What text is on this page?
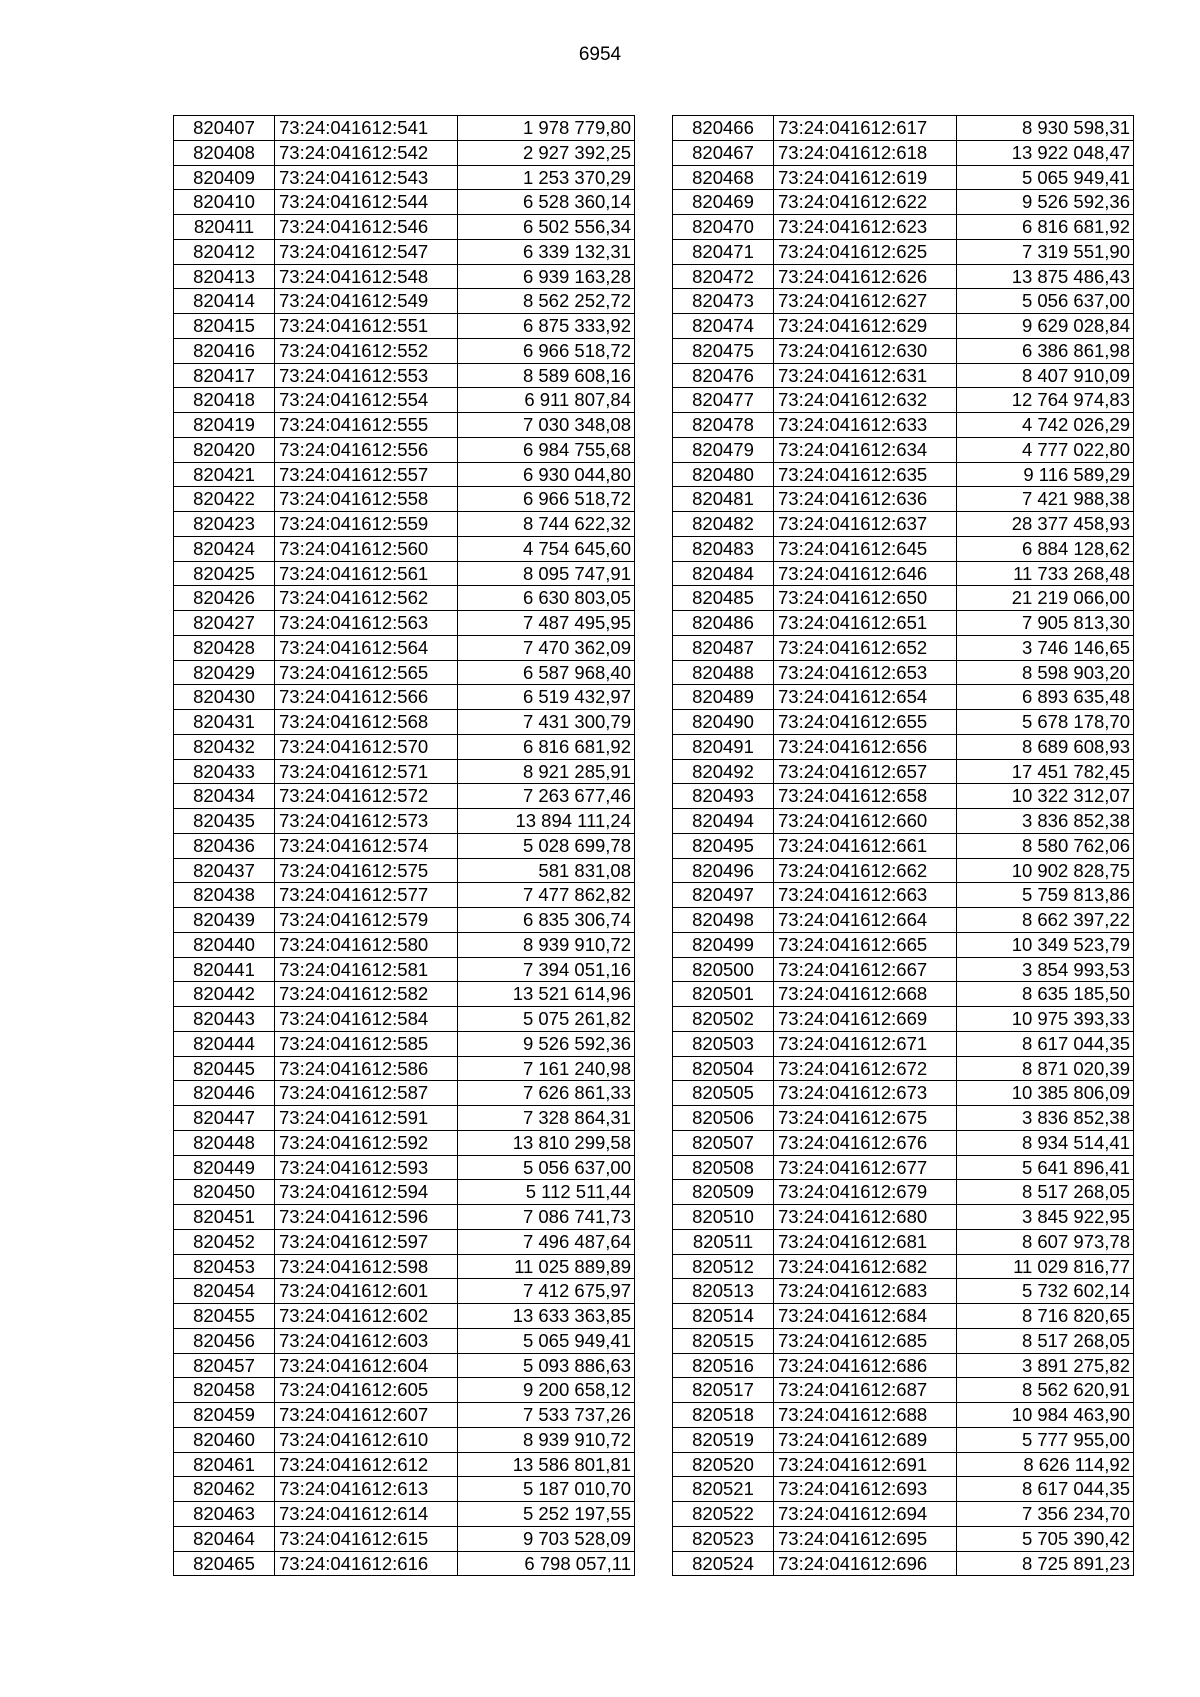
6954
820407	73:24:041612:541	1 978 779,80
820408	73:24:041612:542	2 927 392,25
820409	73:24:041612:543	1 253 370,29
820410	73:24:041612:544	6 528 360,14
820411	73:24:041612:546	6 502 556,34
820412	73:24:041612:547	6 339 132,31
820413	73:24:041612:548	6 939 163,28
820414	73:24:041612:549	8 562 252,72
820415	73:24:041612:551	6 875 333,92
820416	73:24:041612:552	6 966 518,72
820417	73:24:041612:553	8 589 608,16
820418	73:24:041612:554	6 911 807,84
820419	73:24:041612:555	7 030 348,08
820420	73:24:041612:556	6 984 755,68
820421	73:24:041612:557	6 930 044,80
820422	73:24:041612:558	6 966 518,72
820423	73:24:041612:559	8 744 622,32
820424	73:24:041612:560	4 754 645,60
820425	73:24:041612:561	8 095 747,91
820426	73:24:041612:562	6 630 803,05
820427	73:24:041612:563	7 487 495,95
820428	73:24:041612:564	7 470 362,09
820429	73:24:041612:565	6 587 968,40
820430	73:24:041612:566	6 519 432,97
820431	73:24:041612:568	7 431 300,79
820432	73:24:041612:570	6 816 681,92
820433	73:24:041612:571	8 921 285,91
820434	73:24:041612:572	7 263 677,46
820435	73:24:041612:573	13 894 111,24
820436	73:24:041612:574	5 028 699,78
820437	73:24:041612:575	581 831,08
820438	73:24:041612:577	7 477 862,82
820439	73:24:041612:579	6 835 306,74
820440	73:24:041612:580	8 939 910,72
820441	73:24:041612:581	7 394 051,16
820442	73:24:041612:582	13 521 614,96
820443	73:24:041612:584	5 075 261,82
820444	73:24:041612:585	9 526 592,36
820445	73:24:041612:586	7 161 240,98
820446	73:24:041612:587	7 626 861,33
820447	73:24:041612:591	7 328 864,31
820448	73:24:041612:592	13 810 299,58
820449	73:24:041612:593	5 056 637,00
820450	73:24:041612:594	5 112 511,44
820451	73:24:041612:596	7 086 741,73
820452	73:24:041612:597	7 496 487,64
820453	73:24:041612:598	11 025 889,89
820454	73:24:041612:601	7 412 675,97
820455	73:24:041612:602	13 633 363,85
820456	73:24:041612:603	5 065 949,41
820457	73:24:041612:604	5 093 886,63
820458	73:24:041612:605	9 200 658,12
820459	73:24:041612:607	7 533 737,26
820460	73:24:041612:610	8 939 910,72
820461	73:24:041612:612	13 586 801,81
820462	73:24:041612:613	5 187 010,70
820463	73:24:041612:614	5 252 197,55
820464	73:24:041612:615	9 703 528,09
820465	73:24:041612:616	6 798 057,11
820466	73:24:041612:617	8 930 598,31
820467	73:24:041612:618	13 922 048,47
820468	73:24:041612:619	5 065 949,41
820469	73:24:041612:622	9 526 592,36
820470	73:24:041612:623	6 816 681,92
820471	73:24:041612:625	7 319 551,90
820472	73:24:041612:626	13 875 486,43
820473	73:24:041612:627	5 056 637,00
820474	73:24:041612:629	9 629 028,84
820475	73:24:041612:630	6 386 861,98
820476	73:24:041612:631	8 407 910,09
820477	73:24:041612:632	12 764 974,83
820478	73:24:041612:633	4 742 026,29
820479	73:24:041612:634	4 777 022,80
820480	73:24:041612:635	9 116 589,29
820481	73:24:041612:636	7 421 988,38
820482	73:24:041612:637	28 377 458,93
820483	73:24:041612:645	6 884 128,62
820484	73:24:041612:646	11 733 268,48
820485	73:24:041612:650	21 219 066,00
820486	73:24:041612:651	7 905 813,30
820487	73:24:041612:652	3 746 146,65
820488	73:24:041612:653	8 598 903,20
820489	73:24:041612:654	6 893 635,48
820490	73:24:041612:655	5 678 178,70
820491	73:24:041612:656	8 689 608,93
820492	73:24:041612:657	17 451 782,45
820493	73:24:041612:658	10 322 312,07
820494	73:24:041612:660	3 836 852,38
820495	73:24:041612:661	8 580 762,06
820496	73:24:041612:662	10 902 828,75
820497	73:24:041612:663	5 759 813,86
820498	73:24:041612:664	8 662 397,22
820499	73:24:041612:665	10 349 523,79
820500	73:24:041612:667	3 854 993,53
820501	73:24:041612:668	8 635 185,50
820502	73:24:041612:669	10 975 393,33
820503	73:24:041612:671	8 617 044,35
820504	73:24:041612:672	8 871 020,39
820505	73:24:041612:673	10 385 806,09
820506	73:24:041612:675	3 836 852,38
820507	73:24:041612:676	8 934 514,41
820508	73:24:041612:677	5 641 896,41
820509	73:24:041612:679	8 517 268,05
820510	73:24:041612:680	3 845 922,95
820511	73:24:041612:681	8 607 973,78
820512	73:24:041612:682	11 029 816,77
820513	73:24:041612:683	5 732 602,14
820514	73:24:041612:684	8 716 820,65
820515	73:24:041612:685	8 517 268,05
820516	73:24:041612:686	3 891 275,82
820517	73:24:041612:687	8 562 620,91
820518	73:24:041612:688	10 984 463,90
820519	73:24:041612:689	5 777 955,00
820520	73:24:041612:691	8 626 114,92
820521	73:24:041612:693	8 617 044,35
820522	73:24:041612:694	7 356 234,70
820523	73:24:041612:695	5 705 390,42
820524	73:24:041612:696	8 725 891,23
